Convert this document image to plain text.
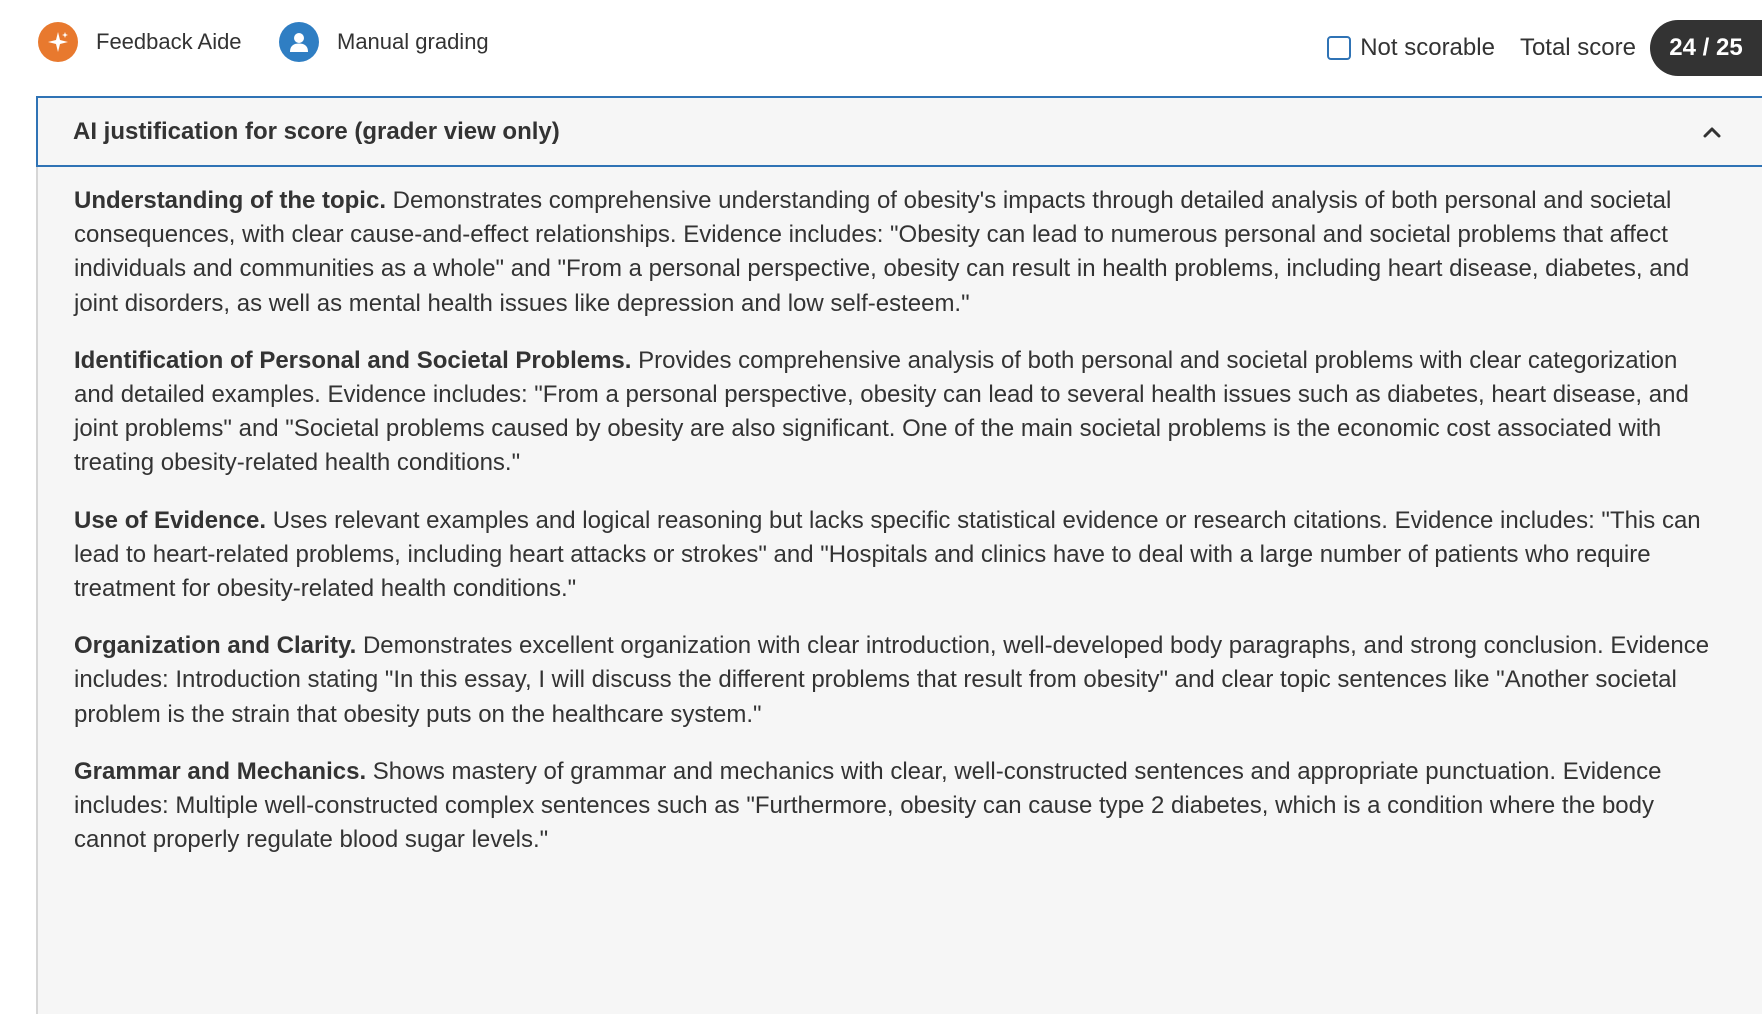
Feedback Aide	Manual grading	Not scorable Total score	24 / 25
AI justification for score (grader view only)

Understanding of the topic. Demonstrates comprehensive understanding of obesity's impacts through detailed analysis of both personal and societal consequences, with clear cause-and-effect relationships. Evidence includes: "Obesity can lead to numerous personal and societal problems that affect individuals and communities as a whole" and "From a personal perspective, obesity can result in health problems, including heart disease, diabetes, and joint disorders, as well as mental health issues like depression and low self-esteem."

Identification of Personal and Societal Problems. Provides comprehensive analysis of both personal and societal problems with clear categorization and detailed examples. Evidence includes: "From a personal perspective, obesity can lead to several health issues such as diabetes, heart disease, and joint problems" and "Societal problems caused by obesity are also significant. One of the main societal problems is the economic cost associated with treating obesity-related health conditions."

Use of Evidence. Uses relevant examples and logical reasoning but lacks specific statistical evidence or research citations. Evidence includes: "This can lead to heart-related problems, including heart attacks or strokes" and "Hospitals and clinics have to deal with a large number of patients who require treatment for obesity-related health conditions."

Organization and Clarity. Demonstrates excellent organization with clear introduction, well-developed body paragraphs, and strong conclusion. Evidence includes: Introduction stating "In this essay, I will discuss the different problems that result from obesity" and clear topic sentences like "Another societal problem is the strain that obesity puts on the healthcare system."

Grammar and Mechanics. Shows mastery of grammar and mechanics with clear, well-constructed sentences and appropriate punctuation. Evidence includes: Multiple well-constructed complex sentences such as "Furthermore, obesity can cause type 2 diabetes, which is a condition where the body cannot properly regulate blood sugar levels."
